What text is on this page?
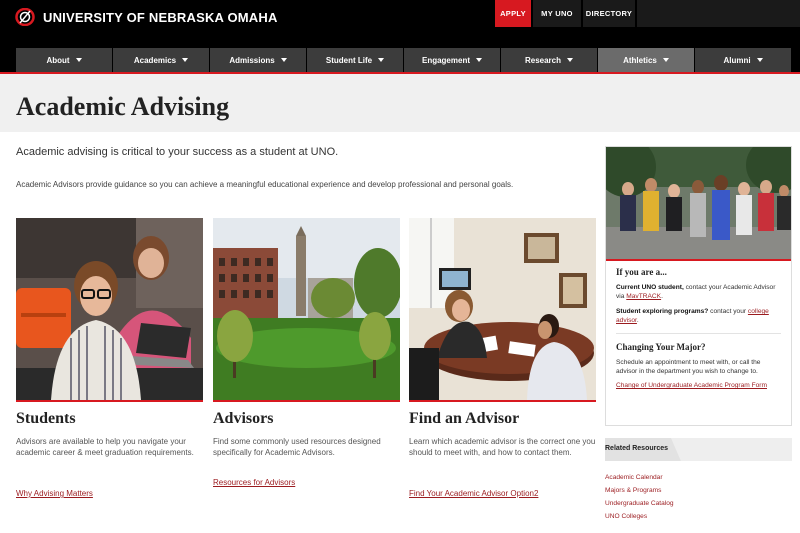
UNIVERSITY OF NEBRASKA OMAHA	APPLY	MY UNO	DIRECTORY
About	Academics	Admissions	Student Life	Engagement	Research	Athletics	Alumni
Academic Advising

Academic advising is critical to your success as a student at UNO.

Academic Advisors provide guidance so you can achieve a meaningful educational experience and develop professional and personal goals.

Students

Advisors are available to help you navigate your academic career & meet graduation requirements.

Why Advising Matters
Advisors

Find some commonly used resources designed specifically for Academic Advisors.

Resources for Advisors
Find an Advisor

Learn which academic advisor is the correct one you should to meet with, and how to contact them.

Find Your Academic Advisor Option2
If you are a...

Current UNO student, contact your Academic Advisor via MavTRACK.

Student exploring programs? contact your college advisor.

Changing Your Major?

Schedule an appointment to meet with, or call the advisor in the department you wish to change to.

Change of Undergraduate Academic Program Form
Related Resources
Academic Calendar
Majors & Programs
Undergraduate Catalog
UNO Colleges
